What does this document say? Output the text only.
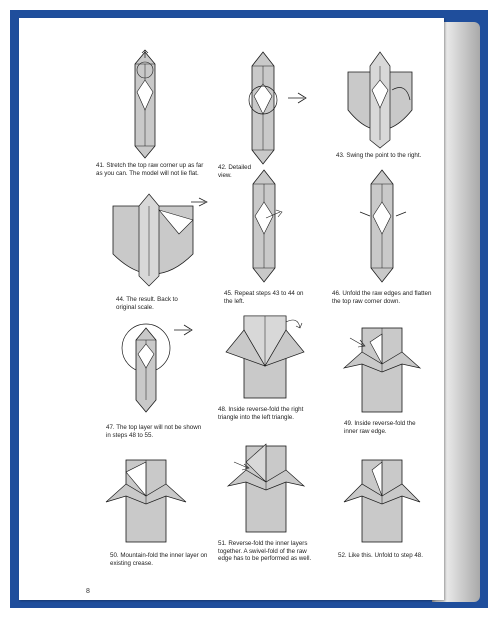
41. Stretch the top raw corner up as far as you can. The model will not lie flat.
42. Detailed view.
43. Swing the point to the right.
44. The result. Back to original scale.
45. Repeat steps 43 to 44 on the left.
46. Unfold the raw edges and flatten the top raw corner down.
47. The top layer will not be shown in steps 48 to 55.
48. Inside reverse-fold the right triangle into the left triangle.
49. Inside reverse-fold the inner raw edge.
50. Mountain-fold the inner layer on existing crease.
51. Reverse-fold the inner layers together. A swivel-fold of the raw edge has to be performed as well.	52. Like this. Unfold to step 48.
8
